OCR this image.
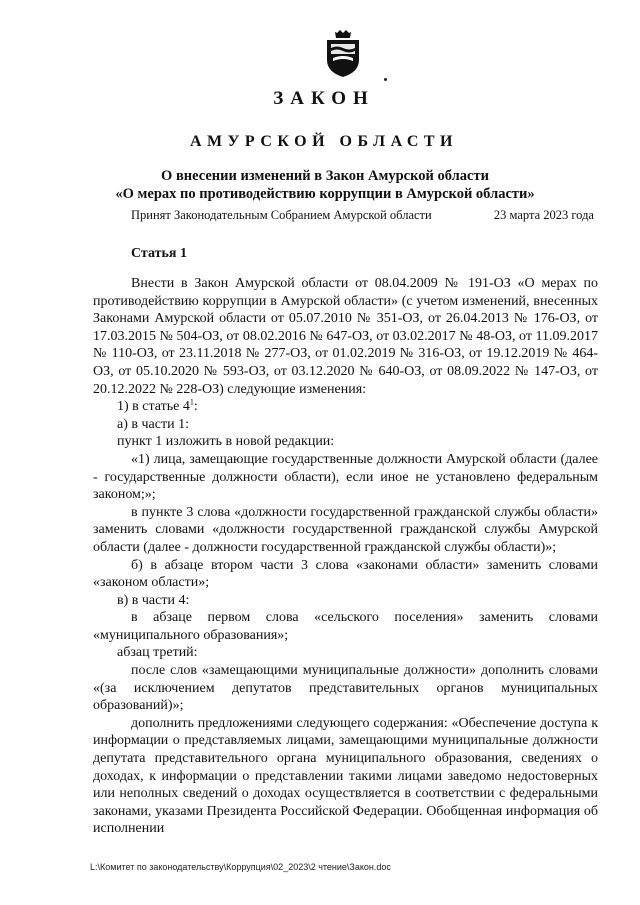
ЗАКОН
АМУРСКОЙ ОБЛАСТИ
О внесении изменений в Закон Амурской области
«О мерах по противодействию коррупции в Амурской области»
Принят Законодательным Собранием Амурской области	23 марта 2023 года
Статья 1

Внести в Закон Амурской области от 08.04.2009 № 191-ОЗ «О мерах по противодействию коррупции в Амурской области» (с учетом изменений, внесенных Законами Амурской области от 05.07.2010 № 351-ОЗ, от 26.04.2013 № 176-ОЗ, от 17.03.2015 № 504-ОЗ, от 08.02.2016 № 647-ОЗ, от 03.02.2017 № 48-ОЗ, от 11.09.2017 № 110-ОЗ, от 23.11.2018 № 277-ОЗ, от 01.02.2019 № 316-ОЗ, от 19.12.2019 № 464-ОЗ, от 05.10.2020 № 593-ОЗ, от 03.12.2020 № 640-ОЗ, от 08.09.2022 № 147-ОЗ, от 20.12.2022 № 228-ОЗ) следующие изменения:

1) в статье $4^1$:

а) в части 1:

пункт 1 изложить в новой редакции:

«1) лица, замещающие государственные должности Амурской области (далее - государственные должности области), если иное не установлено федеральным законом;»;

в пункте 3 слова «должности государственной гражданской службы области» заменить словами «должности государственной гражданской службы Амурской области (далее - должности государственной гражданской службы области)»;

б) в абзаце втором части 3 слова «законами области» заменить словами «законом области»;

в) в части 4:

в абзаце первом слова «сельского поселения» заменить словами «муниципального образования»;

абзац третий:

после слов «замещающими муниципальные должности» дополнить словами «(за исключением депутатов представительных органов муниципальных образований)»;

дополнить предложениями следующего содержания: «Обеспечение доступа к информации о представляемых лицами, замещающими муниципальные должности депутата представительного органа муниципального образования, сведениях о доходах, к информации о представлении такими лицами заведомо недостоверных или неполных сведений о доходах осуществляется в соответствии с федеральными законами, указами Президента Российской Федерации. Обобщенная информация об исполнении

L:\Комитет по законодательству\Коррупция\02_2023\2 чтение\Закон.doc
